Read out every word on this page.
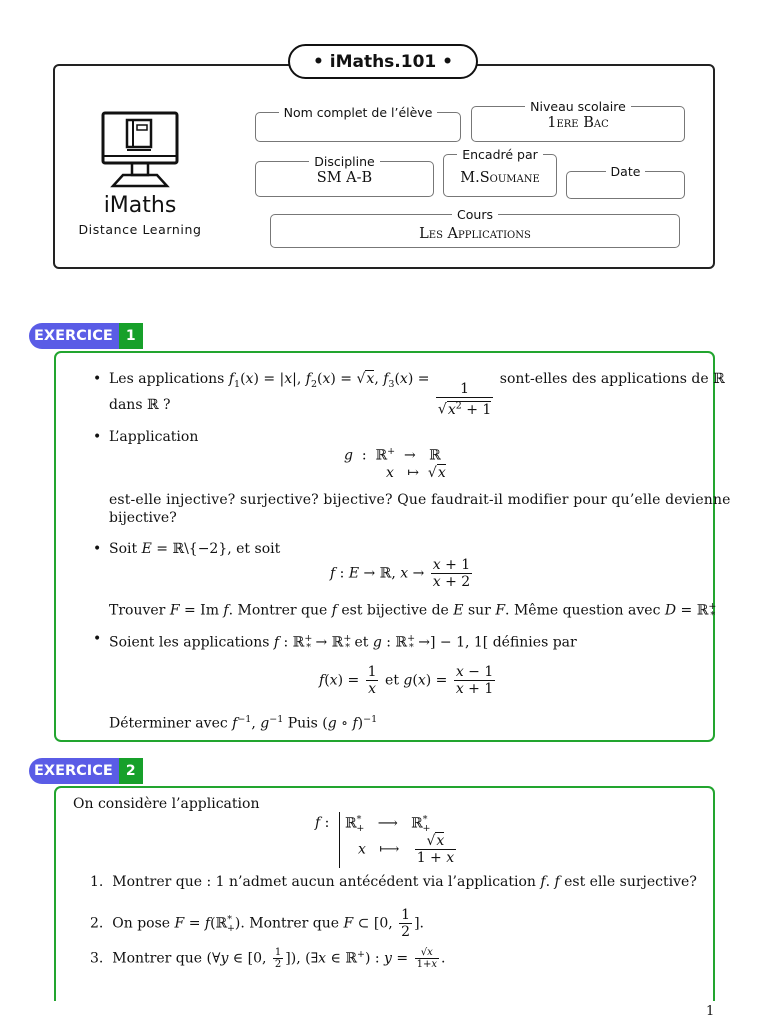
• iMaths.101 •
iMaths
Distance Learning
Nom complet de l’élève	Niveau scolaire
1ere Bac
Discipline
SM A-B
Encadré par
M.Soumane	Date
Cours
Les Applications
EXERCICE 1
• Les applications $f_1(x) = |x|$, $f_2(x) = √x$, $f_3(x)$ =
$\frac{1}{√x^2 + 1}$
sont-elles des applications de ℝ
dans ℝ ?
• L’application
g  :  ℝ+  →   ℝ
x   ↦  √x
est-elle injective? surjective? bijective? Que faudrait-il modifier pour qu’elle devienne
bijective?
• Soit E = ℝ\{−2}, et soit
f : E → ℝ, $x \to \frac{x + 1}{x + 2}$
Trouver F = Im f. Montrer que f est bijective de E sur F. Même question avec D = ℝ+$_*$
• Soient les applications f : ℝ+$_*$ → ℝ+$_*$ et g : ℝ+$_*$ →] − 1, 1[ définies par
$f(x) = \frac{1}{x}$ et $g(x) = \frac{x - 1}{x + 1}$
Déterminer avec $f^{-1}$, $g^{-1}$ Puis (g ∘ f)$^{-1}$
EXERCICE 2
On considère l’application
f : ℝ*$_+$   ⟶   ℝ*$_+$
x   ⟼ $\frac{√x}{1 + x}$
1. Montrer que : 1 n’admet aucun antécédent via l’application f. f est elle surjective?
2. On pose F = f(ℝ*$_+$). Montrer que F ⊂ [0, $\frac{1}{2}$ ].
3. Montrer que (∀y ∈ [0, $\frac{1}{2}$ ]), (∃x ∈ ℝ+) : $y = \frac{√x}{1+x}$ .
1
